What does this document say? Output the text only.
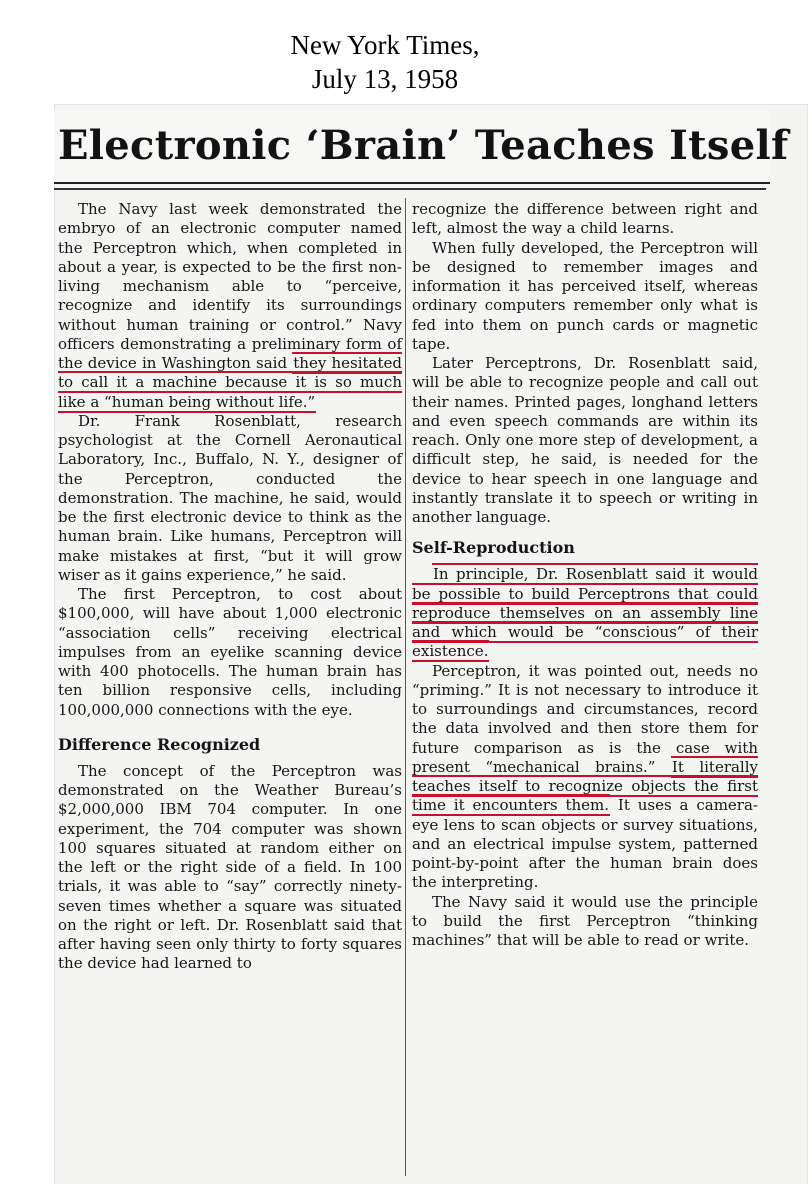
New York Times,
July 13, 1958
Electronic ‘Brain’ Teaches Itself

The Navy last week demonstrated the embryo of an electronic computer named the Perceptron which, when completed in about a year, is expected to be the first non-living mechanism able to “perceive, recognize and identify its surroundings without human training or control.” Navy officers demonstrating a preliminary form of the device in Washington said they hesitated to call it a machine because it is so much like a “human being without life.”

Dr. Frank Rosenblatt, research psychologist at the Cornell Aeronautical Laboratory, Inc., Buffalo, N. Y., designer of the Perceptron, conducted the demonstration. The machine, he said, would be the first electronic device to think as the human brain. Like humans, Perceptron will make mistakes at first, “but it will grow wiser as it gains experience,” he said.

The first Perceptron, to cost about $100,000, will have about 1,000 electronic “association cells” receiving electrical impulses from an eyelike scanning device with 400 photocells. The human brain has ten billion responsive cells, including 100,000,000 connections with the eye.

Difference Recognized

The concept of the Perceptron was demonstrated on the Weather Bureau’s $2,000,000 IBM 704 computer. In one experiment, the 704 computer was shown 100 squares situated at random either on the left or the right side of a field. In 100 trials, it was able to “say” correctly ninety-seven times whether a square was situated on the right or left. Dr. Rosenblatt said that after having seen only thirty to forty squares the device had learned to

recognize the difference between right and left, almost the way a child learns.

When fully developed, the Perceptron will be designed to remember images and information it has perceived itself, whereas ordinary computers remember only what is fed into them on punch cards or magnetic tape.

Later Perceptrons, Dr. Rosenblatt said, will be able to recognize people and call out their names. Printed pages, longhand letters and even speech commands are within its reach. Only one more step of development, a difficult step, he said, is needed for the device to hear speech in one language and instantly translate it to speech or writing in another language.

Self-Reproduction

In principle, Dr. Rosenblatt said it would be possible to build Perceptrons that could reproduce themselves on an assembly line and which would be “conscious” of their existence.

Perceptron, it was pointed out, needs no “priming.” It is not necessary to introduce it to surroundings and circumstances, record the data involved and then store them for future comparison as is the case with present “mechanical brains.” It literally teaches itself to recognize objects the first time it encounters them. It uses a camera-eye lens to scan objects or survey situations, and an electrical impulse system, patterned point-by-point after the human brain does the interpreting.

The Navy said it would use the principle to build the first Perceptron “thinking machines” that will be able to read or write.
